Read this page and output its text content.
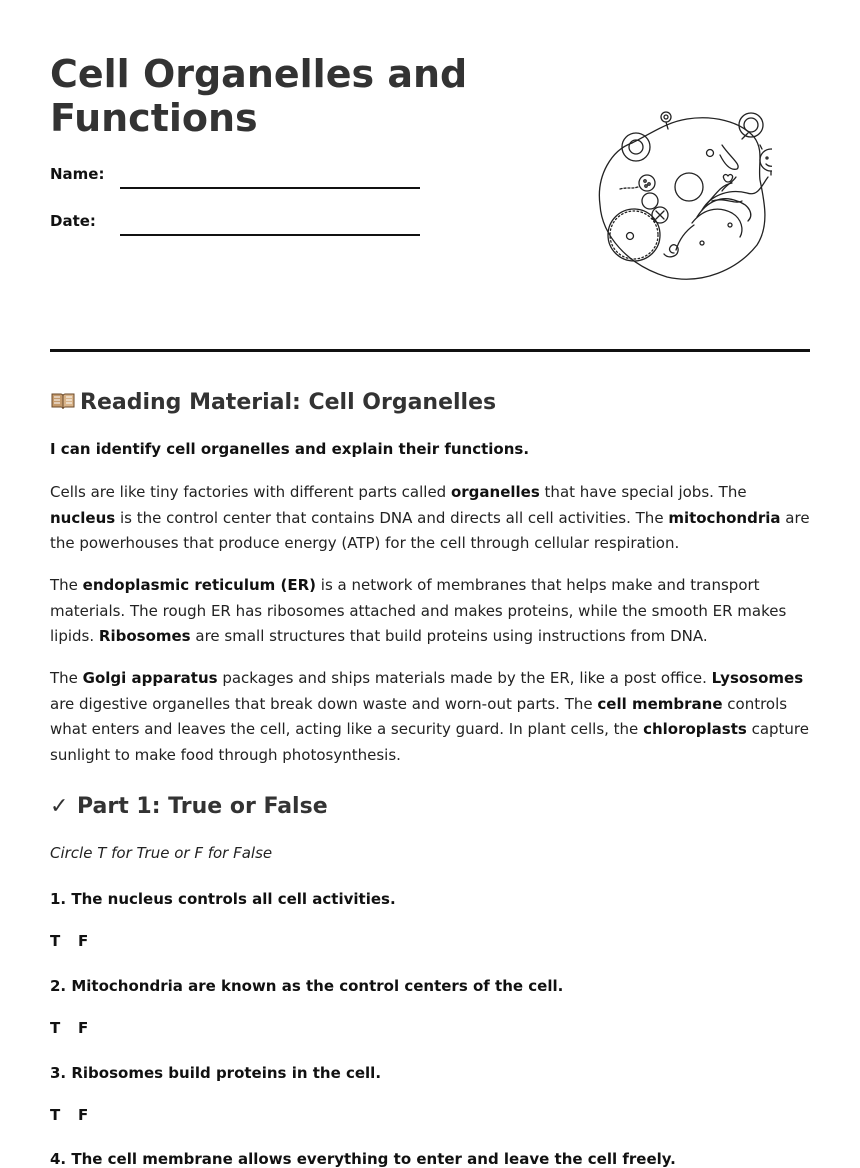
Cell Organelles and Functions
Name:
Date:
Reading Material: Cell Organelles

I can identify cell organelles and explain their functions.

Cells are like tiny factories with different parts called organelles that have special jobs. The nucleus is the control center that contains DNA and directs all cell activities. The mitochondria are the powerhouses that produce energy (ATP) for the cell through cellular respiration.

The endoplasmic reticulum (ER) is a network of membranes that helps make and transport materials. The rough ER has ribosomes attached and makes proteins, while the smooth ER makes lipids. Ribosomes are small structures that build proteins using instructions from DNA.

The Golgi apparatus packages and ships materials made by the ER, like a post office. Lysosomes are digestive organelles that break down waste and worn-out parts. The cell membrane controls what enters and leaves the cell, acting like a security guard. In plant cells, the chloroplasts capture sunlight to make food through photosynthesis.

✓ Part 1: True or False

Circle T for True or F for False

1. The nucleus controls all cell activities.

T F

2. Mitochondria are known as the control centers of the cell.

T F

3. Ribosomes build proteins in the cell.

T F

4. The cell membrane allows everything to enter and leave the cell freely.
